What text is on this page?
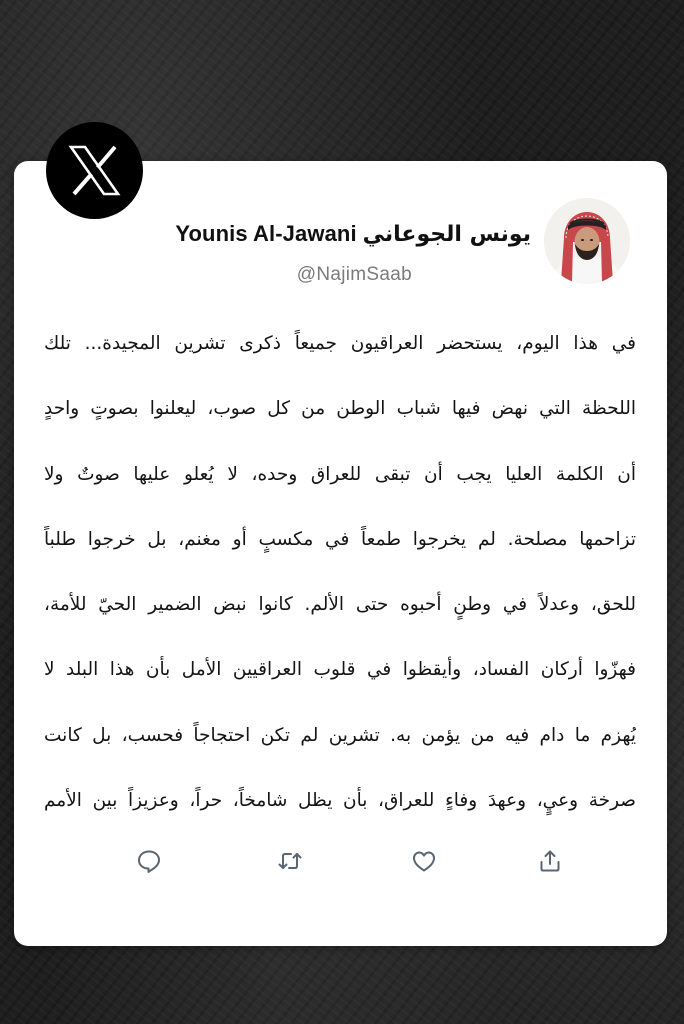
Younis Al-Jawani يونس الجوعاني
@NajimSaab
في هذا اليوم، يستحضر العراقيون جميعاً ذكرى تشرين المجيدة... تلك
اللحظة التي نهض فيها شباب الوطن من كل صوب، ليعلنوا بصوتٍ واحدٍ
أن الكلمة العليا يجب أن تبقى للعراق وحده، لا يُعلو عليها صوتٌ ولا
تزاحمها مصلحة. لم يخرجوا طمعاً في مكسبٍ أو مغنم، بل خرجوا طلباً
للحق، وعدلاً في وطنٍ أحبوه حتى الألم. كانوا نبض الضمير الحيّ للأمة،
فهزّوا أركان الفساد، وأيقظوا في قلوب العراقيين الأمل بأن هذا البلد لا
يُهزم ما دام فيه من يؤمن به. تشرين لم تكن احتجاجاً فحسب، بل كانت
صرخة وعيٍ، وعهدَ وفاءٍ للعراق، بأن يظل شامخاً، حراً، وعزيزاً بين الأمم
